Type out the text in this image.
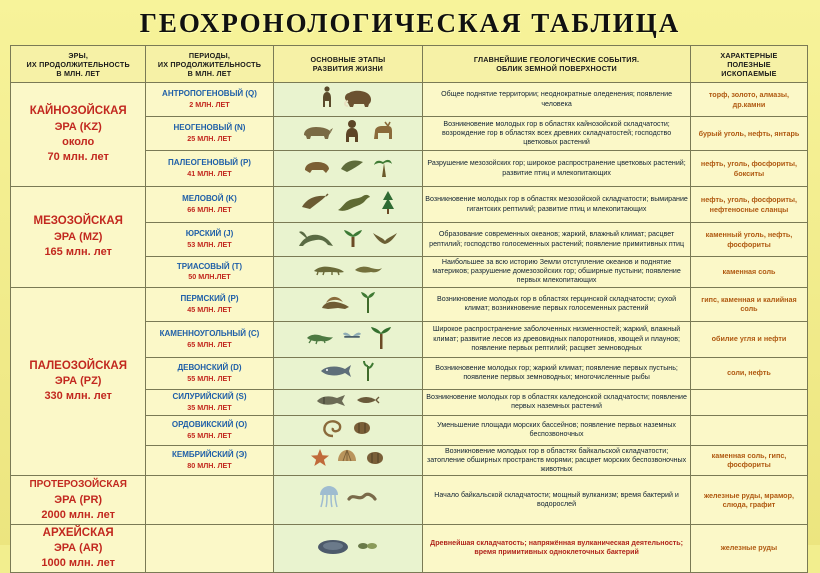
ГЕОХРОНОЛОГИЧЕСКАЯ ТАБЛИЦА
ЭРЫ,
ИХ ПРОДОЛЖИТЕЛЬНОСТЬ
В МЛН. ЛЕТ	ПЕРИОДЫ,
ИХ ПРОДОЛЖИТЕЛЬНОСТЬ
В МЛН. ЛЕТ	ОСНОВНЫЕ ЭТАПЫ
РАЗВИТИЯ ЖИЗНИ	ГЛАВНЕЙШИЕ ГЕОЛОГИЧЕСКИЕ СОБЫТИЯ.
ОБЛИК ЗЕМНОЙ ПОВЕРХНОСТИ	ХАРАКТЕРНЫЕ
ПОЛЕЗНЫЕ
ИСКОПАЕМЫЕ
КАЙНОЗОЙСКАЯ
ЭРА (KZ)
около
70 млн. лет	АНТРОПОГЕНОВЫЙ (Q)
2 МЛН. ЛЕТ		Общее поднятие территории; неоднократные оледенения; появление человека	торф, золото, алмазы, др.камни

	НЕОГЕНОВЫЙ (N)
25 МЛН. ЛЕТ		Возникновение молодых гор в областях кайнозойской складчатости; возрождение гор в областях всех древних складчатостей; господство цветковых растений	бурый уголь, нефть, янтарь

	ПАЛЕОГЕНОВЫЙ (P)
41 МЛН. ЛЕТ		Разрушение мезозойских гор; широкое распространение цветковых растений; развитие птиц и млекопитающих	нефть, уголь, фосфориты, бокситы
МЕЗОЗОЙСКАЯ
ЭРА (MZ)
165 млн. лет	МЕЛОВОЙ (K)
66 МЛН. ЛЕТ		Возникновение молодых гор в областях мезозойской складчатости; вымирание гигантских рептилий; развитие птиц и млекопитающих	нефть, уголь, фосфориты, нефтеносные сланцы

	ЮРСКИЙ (J)
53 МЛН. ЛЕТ		Образование современных океанов; жаркий, влажный климат; расцвет рептилий; господство голосеменных растений; появление примитивных птиц	каменный уголь, нефть, фосфориты

	ТРИАСОВЫЙ (T)
50 МЛН.ЛЕТ		Наибольшее за всю историю Земли отступление океанов и поднятие материков; разрушение домезозойских гор; обширные пустыни; появление первых млекопитающих	каменная соль
ПАЛЕОЗОЙСКАЯ
ЭРА (PZ)
330 млн. лет	ПЕРМСКИЙ (P)
45 МЛН. ЛЕТ		Возникновение молодых гор в областях герцинской складчатости; сухой климат; возникновение первых голосеменных растений	гипс, каменная и калийная соль

	КАМЕННОУГОЛЬНЫЙ (C)
65 МЛН. ЛЕТ		Широкое распространение заболоченных низменностей; жаркий, влажный климат; развитие лесов из древовидных папоротников, хвощей и плаунов; появление первых рептилий; расцвет земноводных	обилие угля и нефти

	ДЕВОНСКИЙ (D)
55 МЛН. ЛЕТ		Возникновение молодых гор; жаркий климат; появление первых пустынь; появление первых земноводных; многочисленные рыбы	соли, нефть

	СИЛУРИЙСКИЙ (S)
35 МЛН. ЛЕТ		Возникновение молодых гор в областях каледонской складчатости; появление первых наземных растений	

	ОРДОВИКСКИЙ (O)
65 МЛН. ЛЕТ		Уменьшение площади морских бассейнов; появление первых наземных беспозвоночных	

	КЕМБРИЙСКИЙ (Э)
80 МЛН. ЛЕТ		Возникновение молодых гор в областях байкальской складчатости; затопление обширных пространств морями; расцвет морских беспозвоночных животных	каменная соль, гипс, фосфориты
ПРОТЕРОЗОЙСКАЯ
ЭРА (PR)
2000 млн. лет			Начало байкальской складчатости; мощный вулканизм; время бактерий и водорослей	железные руды, мрамор, слюда, графит
АРХЕЙСКАЯ
ЭРА (AR)
1000 млн. лет			Древнейшая складчатость; напряжённая вулканическая деятельность; время примитивных одноклеточных бактерий	железные руды
